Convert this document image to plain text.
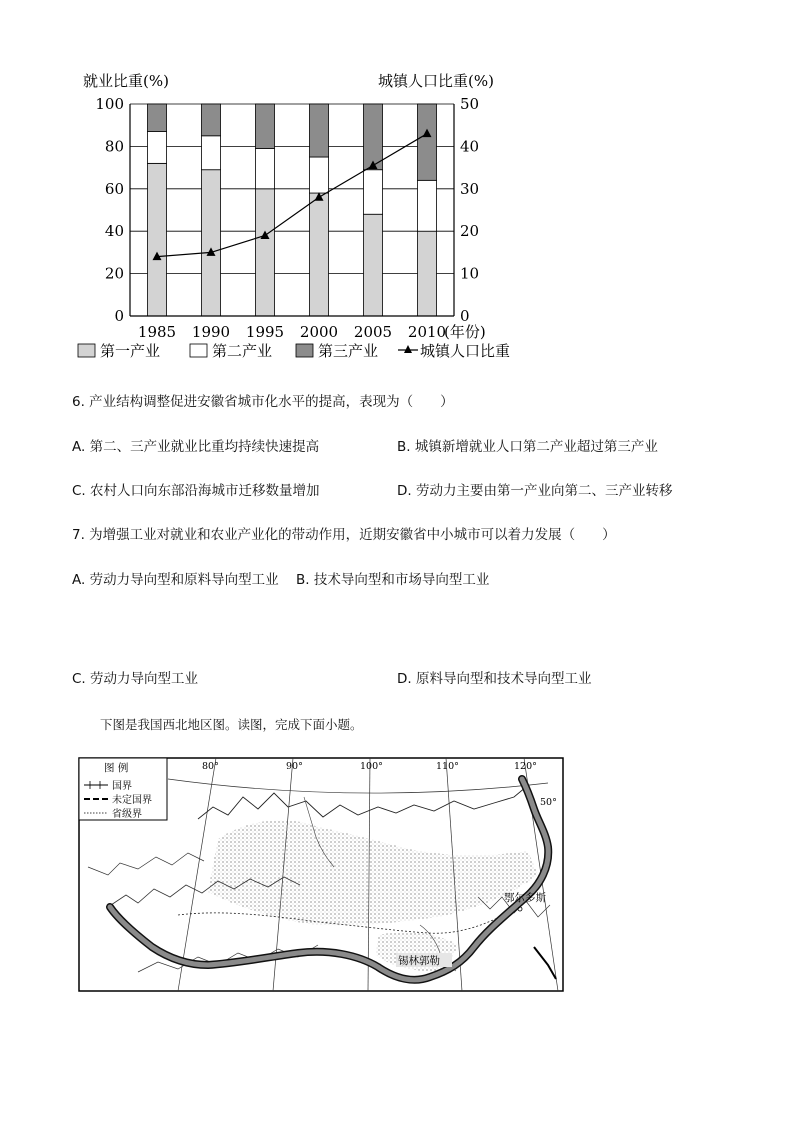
就业比重(%)	城镇人口比重(%)
0
20
40
60
80
100
0
10
20
30
40
50
1985 1990 1995 2000 2005 2010
(年份)
第一产业	第二产业	第三产业	城镇人口比重
6. 产业结构调整促进安徽省城市化水平的提高，表现为（　　）
A. 第二、三产业就业比重均持续快速提高	B. 城镇新增就业人口第二产业超过第三产业
C. 农村人口向东部沿海城市迁移数量增加	D. 劳动力主要由第一产业向第二、三产业转移
7. 为增强工业对就业和农业产业化的带动作用，近期安徽省中小城市可以着力发展（　　）
A. 劳动力导向型和原料导向型工业 B. 技术导向型和市场导向型工业
C. 劳动力导向型工业	D. 原料导向型和技术导向型工业
下图是我国西北地区图。读图，完成下面小题。
锡林郭勒
鄂尔多斯
80°	90°	100°	110°	120°
50°
图 例
国界
未定国界
省级界
